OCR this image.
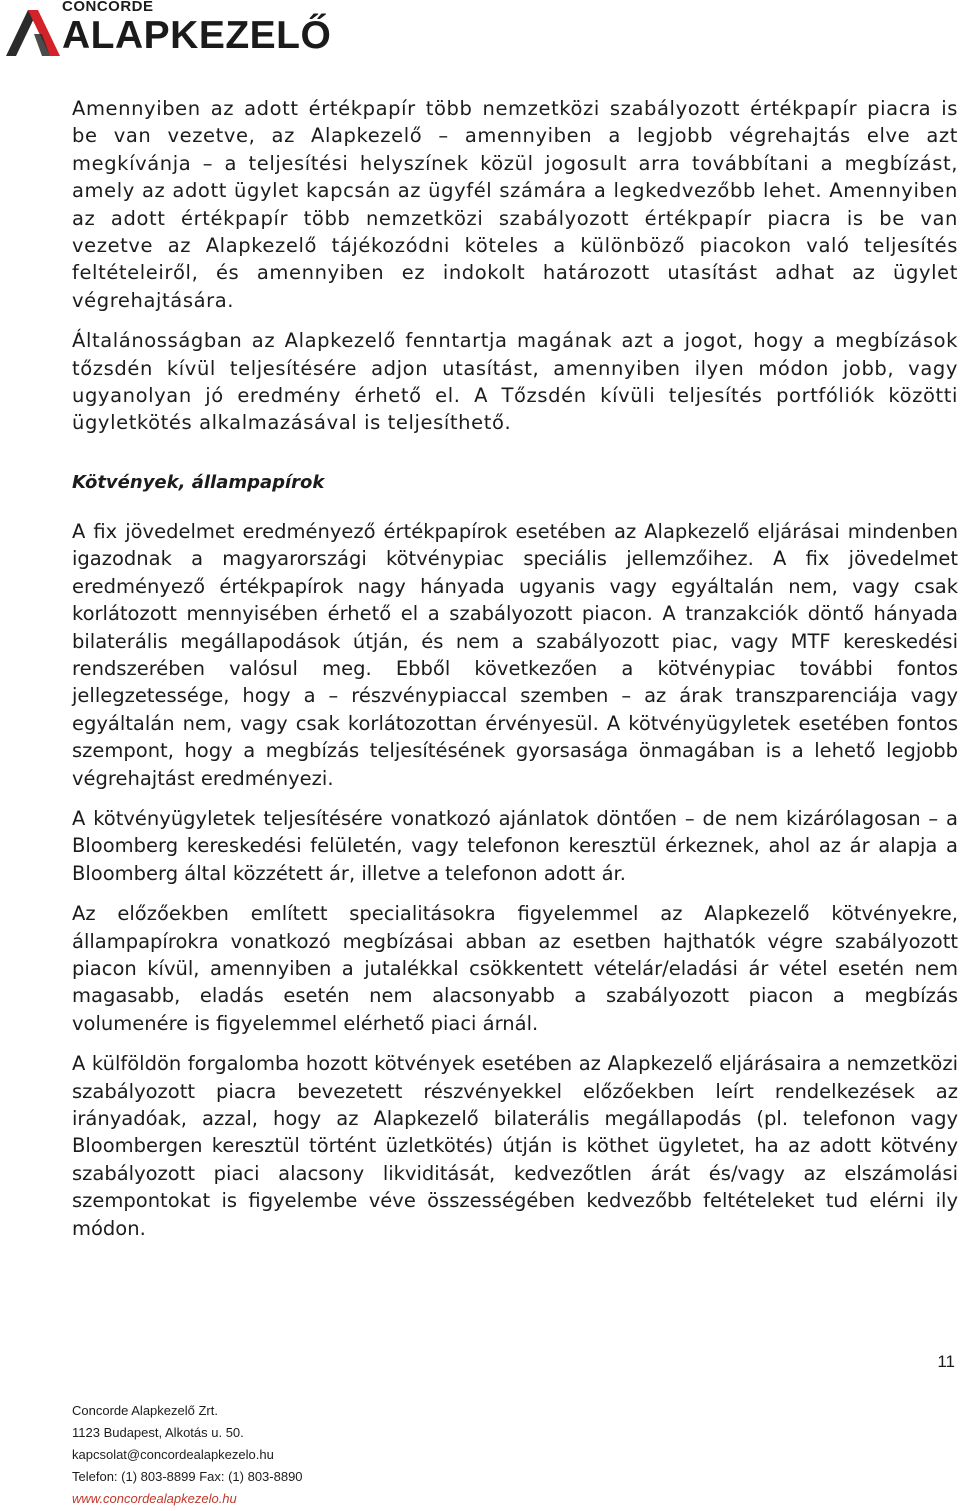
CONCORDE
ALAPKEZELŐ

Amennyiben az adott értékpapír több nemzetközi szabályozott értékpapír piacra is be van vezetve, az Alapkezelő – amennyiben a legjobb végrehajtás elve azt megkívánja – a teljesítési helyszínek közül jogosult arra továbbítani a megbízást, amely az adott ügylet kapcsán az ügyfél számára a legkedvezőbb lehet. Amennyiben az adott értékpapír több nemzetközi szabályozott értékpapír piacra is be van vezetve az Alapkezelő tájékozódni köteles a különböző piacokon való teljesítés feltételeiről, és amennyiben ez indokolt határozott utasítást adhat az ügylet végrehajtására.

Általánosságban az Alapkezelő fenntartja magának azt a jogot, hogy a megbízások tőzsdén kívül teljesítésére adjon utasítást, amennyiben ilyen módon jobb, vagy ugyanolyan jó eredmény érhető el. A Tőzsdén kívüli teljesítés portfóliók közötti ügyletkötés alkalmazásával is teljesíthető.

Kötvények, állampapírok

A fix jövedelmet eredményező értékpapírok esetében az Alapkezelő eljárásai mindenben igazodnak a magyarországi kötvénypiac speciális jellemzőihez. A fix jövedelmet eredményező értékpapírok nagy hányada ugyanis vagy egyáltalán nem, vagy csak korlátozott mennyisében érhető el a szabályozott piacon. A tranzakciók döntő hányada bilaterális megállapodások útján, és nem a szabályozott piac, vagy MTF kereskedési rendszerében valósul meg. Ebből következően a kötvénypiac további fontos jellegzetessége, hogy a – részvénypiaccal szemben – az árak transzparenciája vagy egyáltalán nem, vagy csak korlátozottan érvényesül. A kötvényügyletek esetében fontos szempont, hogy a megbízás teljesítésének gyorsasága önmagában is a lehető legjobb végrehajtást eredményezi.

A kötvényügyletek teljesítésére vonatkozó ajánlatok döntően – de nem kizárólagosan – a Bloomberg kereskedési felületén, vagy telefonon keresztül érkeznek, ahol az ár alapja a Bloomberg által közzétett ár, illetve a telefonon adott ár.

Az előzőekben említett specialitásokra figyelemmel az Alapkezelő kötvényekre, állampapírokra vonatkozó megbízásai abban az esetben hajthatók végre szabályozott piacon kívül, amennyiben a jutalékkal csökkentett vételár/eladási ár vétel esetén nem magasabb, eladás esetén nem alacsonyabb a szabályozott piacon a megbízás volumenére is figyelemmel elérhető piaci árnál.

A külföldön forgalomba hozott kötvények esetében az Alapkezelő eljárásaira a nemzetközi szabályozott piacra bevezetett részvényekkel előzőekben leírt rendelkezések az irányadóak, azzal, hogy az Alapkezelő bilaterális megállapodás (pl. telefonon vagy Bloombergen keresztül történt üzletkötés) útján is köthet ügyletet, ha az adott kötvény szabályozott piaci alacsony likviditását, kedvezőtlen árát és/vagy az elszámolási szempontokat is figyelembe véve összességében kedvezőbb feltételeket tud elérni ily módon.

11
Concorde Alapkezelő Zrt.
1123 Budapest, Alkotás u. 50.
kapcsolat@concordealapkezelo.hu
Telefon: (1) 803-8899 Fax: (1) 803-8890
www.concordealapkezelo.hu
